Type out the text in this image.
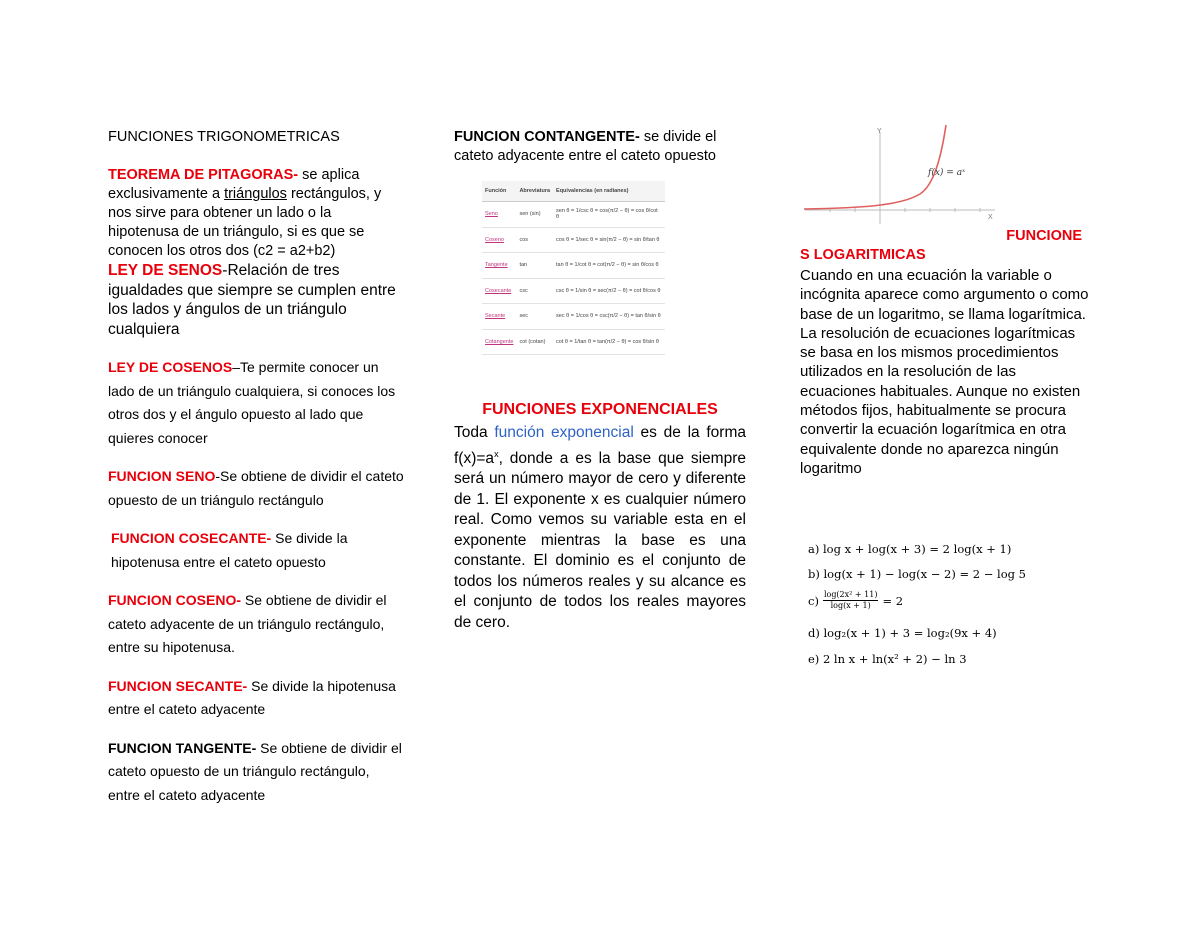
FUNCIONES TRIGONOMETRICAS

TEOREMA DE PITAGORAS- se aplica exclusivamente a triángulos rectángulos, y nos sirve para obtener un lado o la hipotenusa de un triángulo, si es que se conocen los otros dos (c2 = a2+b2)

LEY DE SENOS-Relación de tres igualdades que siempre se cumplen entre los lados y ángulos de un triángulo cualquiera

LEY DE COSENOS–Te permite conocer un lado de un triángulo cualquiera, si conoces los otros dos y el ángulo opuesto al lado que quieres conocer

FUNCION SENO-Se obtiene de dividir el cateto opuesto de un triángulo rectángulo

FUNCION COSECANTE- Se divide la hipotenusa entre el cateto opuesto

FUNCION COSENO- Se obtiene de dividir el cateto adyacente de un triángulo rectángulo, entre su hipotenusa.

FUNCION SECANTE- Se divide la hipotenusa entre el cateto adyacente

FUNCION TANGENTE- Se obtiene de dividir el cateto opuesto de un triángulo rectángulo, entre el cateto adyacente

FUNCION CONTANGENTE- se divide el cateto adyacente entre el cateto opuesto

Función	Abreviatura	Equivalencias (en radianes)
Seno	sen (sin)	sen θ = 1/csc θ = cos(π/2 − θ) = cos θ/cot θ
Coseno	cos	cos θ = 1/sec θ = sin(π/2 − θ) = sin θ/tan θ
Tangente	tan	tan θ = 1/cot θ = cot(π/2 − θ) = sin θ/cos θ
Cosecante	csc	csc θ = 1/sin θ = sec(π/2 − θ) = cot θ/cos θ
Secante	sec	sec θ = 1/cos θ = csc(π/2 − θ) = tan θ/sin θ
Cotangente	cot (cotan)	cot θ = 1/tan θ = tan(π/2 − θ) = cos θ/sin θ

FUNCIONES EXPONENCIALES

Toda función exponencial es de la forma $f(x)=a^x$, donde a es la base que siempre será un número mayor de cero y diferente de 1. El exponente x es cualquier número real. Como vemos su variable esta en el exponente mientras la base es una constante. El dominio es el conjunto de todos los números reales y su alcance es el conjunto de todos los reales mayores de cero.

Y
X
f(x) = aˣ

FUNCIONE

S LOGARITMICAS

Cuando en una ecuación la variable o incógnita aparece como argumento o como base de un logaritmo, se llama logarítmica.

La resolución de ecuaciones logarítmicas se basa en los mismos procedimientos utilizados en la resolución de las ecuaciones habituales. Aunque no existen métodos fijos, habitualmente se procura convertir la ecuación logarítmica en otra equivalente donde no aparezca ningún logaritmo

a) log x + log(x + 3) = 2 log(x + 1)
b) log(x + 1) − log(x − 2) = 2 − log 5
$c) \frac{\text{log(2x² + 11)}}{\log(x + 1)} = 2$
d) log₂(x + 1) + 3 = log₂(9x + 4)
e) 2 ln x + ln(x² + 2) − ln 3
